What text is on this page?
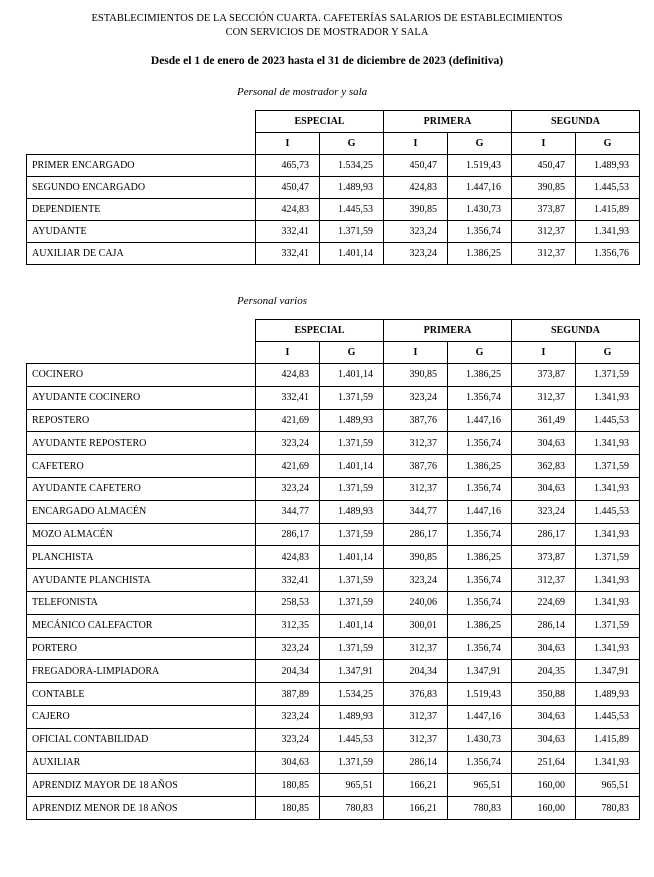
ESTABLECIMIENTOS DE LA SECCIÓN CUARTA. CAFETERÍAS SALARIOS DE ESTABLECIMIENTOS
CON SERVICIOS DE MOSTRADOR Y SALA
Desde el 1 de enero de 2023 hasta el 31 de diciembre de 2023 (definitiva)
Personal de mostrador y sala
	ESPECIAL		PRIMERA		SEGUNDA	
	I	G	I	G	I	G
PRIMER ENCARGADO	465,73	1.534,25	450,47	1.519,43	450,47	1.489,93
SEGUNDO ENCARGADO	450,47	1.489,93	424,83	1.447,16	390,85	1.445,53
DEPENDIENTE	424,83	1.445,53	390,85	1.430,73	373,87	1.415,89
AYUDANTE	332,41	1.371,59	323,24	1.356,74	312,37	1.341,93
AUXILIAR DE CAJA	332,41	1.401,14	323,24	1.386,25	312,37	1.356,76
Personal varios
	ESPECIAL		PRIMERA		SEGUNDA	
	I	G	I	G	I	G
COCINERO	424,83	1.401,14	390,85	1.386,25	373,87	1.371,59
AYUDANTE COCINERO	332,41	1.371,59	323,24	1.356,74	312,37	1.341,93
REPOSTERO	421,69	1.489,93	387,76	1.447,16	361,49	1.445,53
AYUDANTE REPOSTERO	323,24	1.371,59	312,37	1.356,74	304,63	1.341,93
CAFETERO	421,69	1.401,14	387,76	1.386,25	362,83	1.371,59
AYUDANTE CAFETERO	323,24	1.371,59	312,37	1.356,74	304,63	1.341,93
ENCARGADO ALMACÉN	344,77	1.489,93	344,77	1.447,16	323,24	1.445,53
MOZO ALMACÉN	286,17	1.371,59	286,17	1.356,74	286,17	1.341,93
PLANCHISTA	424,83	1.401,14	390,85	1.386,25	373,87	1.371,59
AYUDANTE PLANCHISTA	332,41	1.371,59	323,24	1.356,74	312,37	1.341,93
TELEFONISTA	258,53	1.371,59	240,06	1.356,74	224,69	1.341,93
MECÁNICO CALEFACTOR	312,35	1.401,14	300,01	1.386,25	286,14	1.371,59
PORTERO	323,24	1.371,59	312,37	1.356,74	304,63	1.341,93
FREGADORA-LIMPIADORA	204,34	1.347,91	204,34	1.347,91	204,35	1.347,91
CONTABLE	387,89	1.534,25	376,83	1.519,43	350,88	1.489,93
CAJERO	323,24	1.489,93	312,37	1.447,16	304,63	1.445,53
OFICIAL CONTABILIDAD	323,24	1.445,53	312,37	1.430,73	304,63	1.415,89
AUXILIAR	304,63	1.371,59	286,14	1.356,74	251,64	1.341,93
APRENDIZ MAYOR DE 18 AÑOS	180,85	965,51	166,21	965,51	160,00	965,51
APRENDIZ MENOR DE 18 AÑOS	180,85	780,83	166,21	780,83	160,00	780,83
